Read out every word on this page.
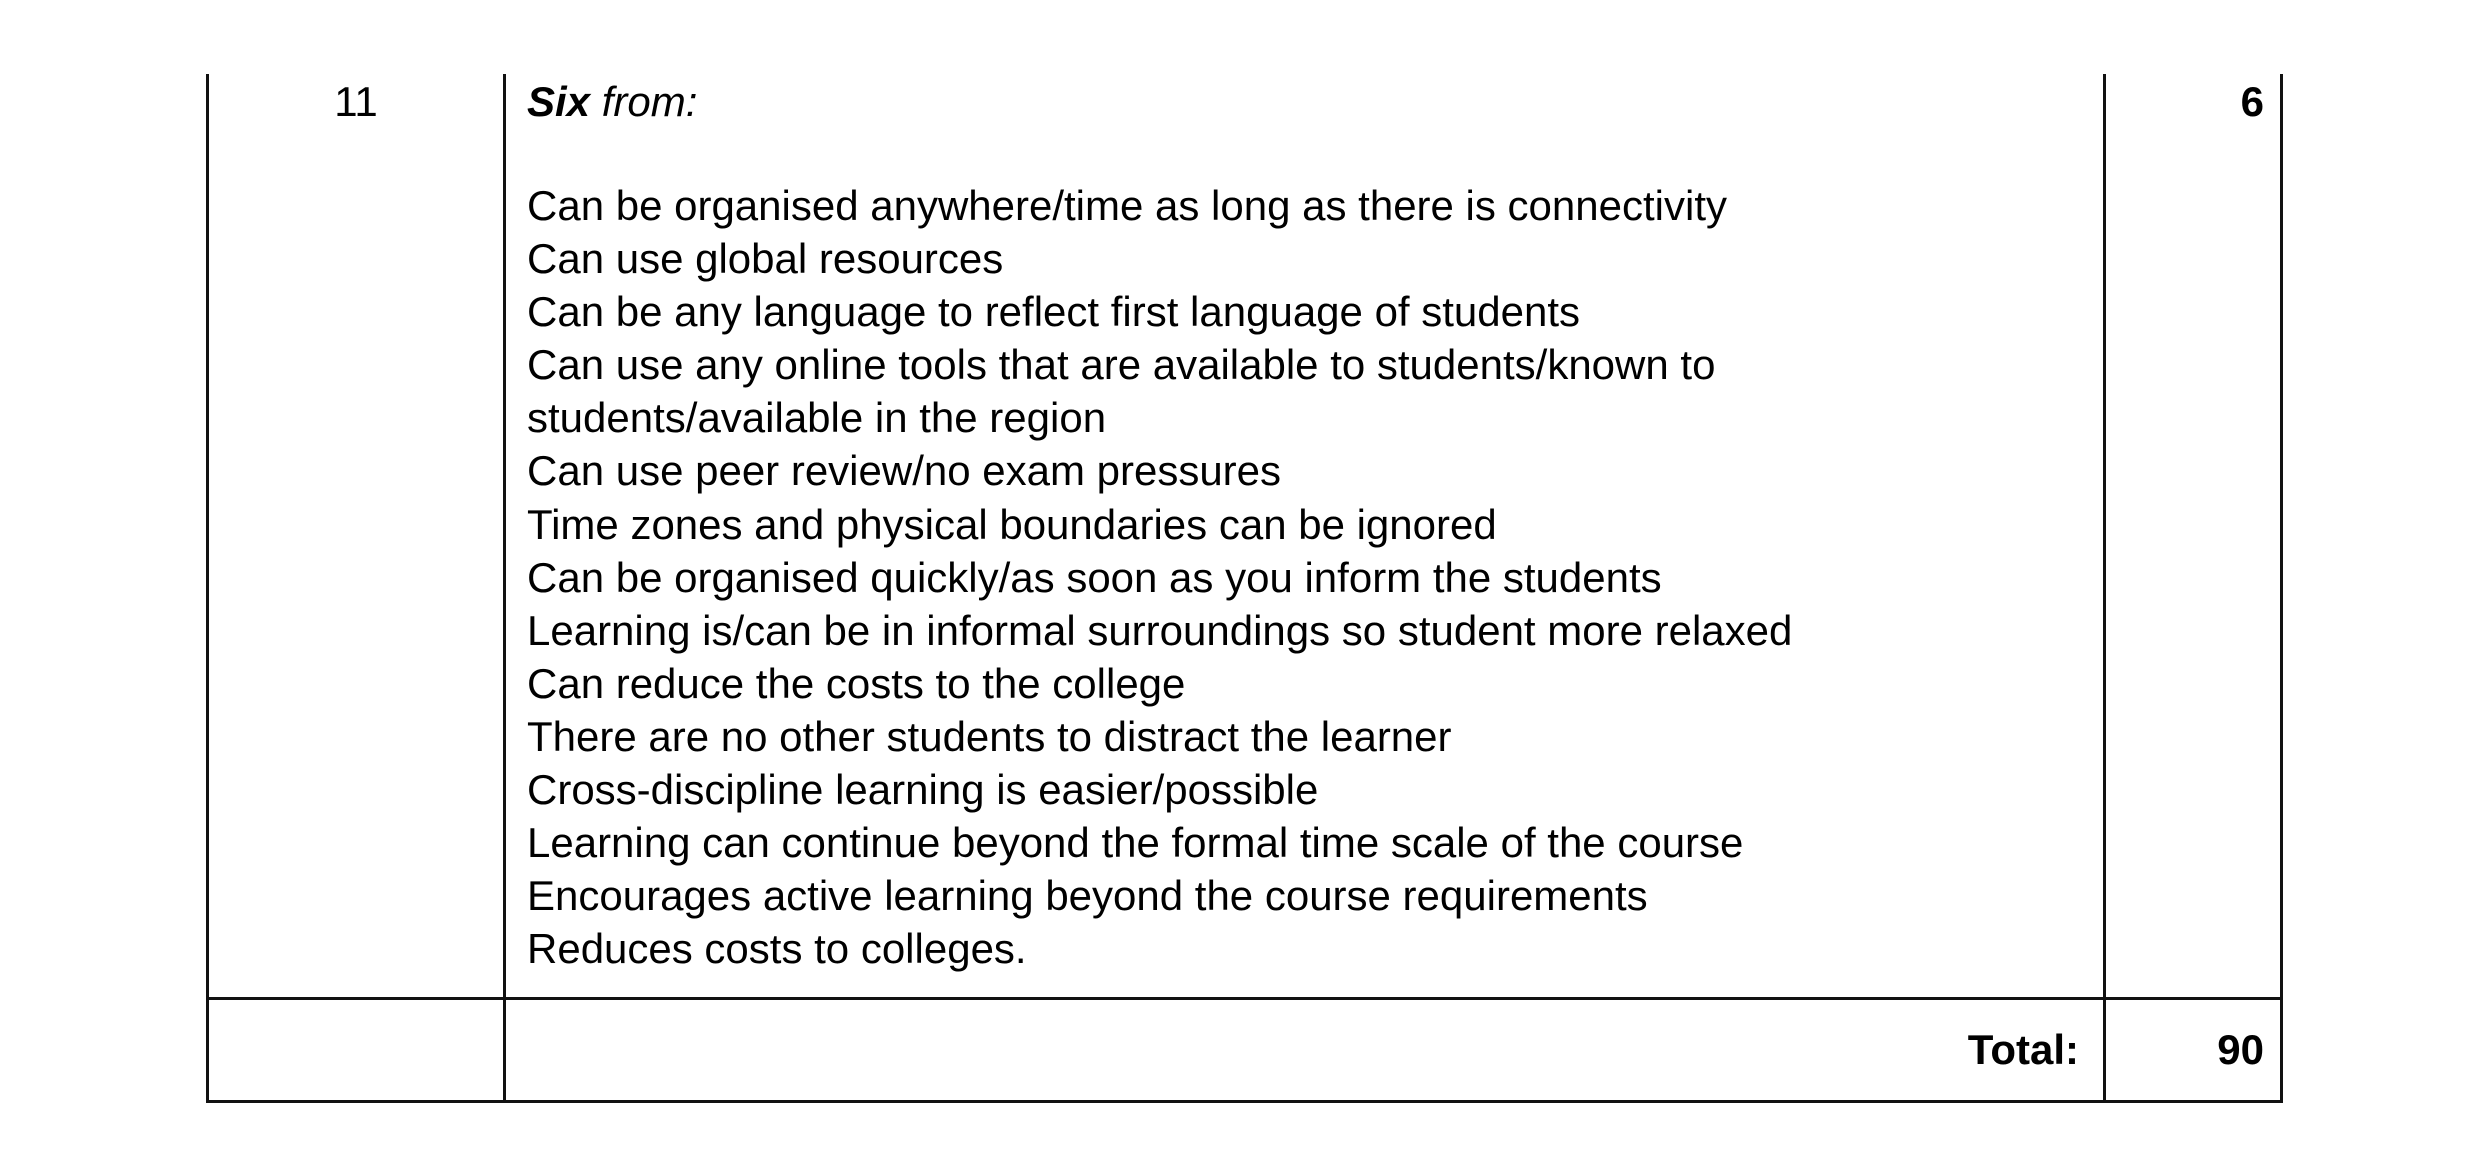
11	Six from:

Can be organised anywhere/time as long as there is connectivity
Can use global resources
Can be any language to reflect first language of students
Can use any online tools that are available to students/known to
students/available in the region
Can use peer review/no exam pressures
Time zones and physical boundaries can be ignored
Can be organised quickly/as soon as you inform the students
Learning is/can be in informal surroundings so student more relaxed
Can reduce the costs to the college
There are no other students to distract the learner
Cross-discipline learning is easier/possible
Learning can continue beyond the formal time scale of the course
Encourages active learning beyond the course requirements
Reduces costs to colleges.
6
Total:	90
